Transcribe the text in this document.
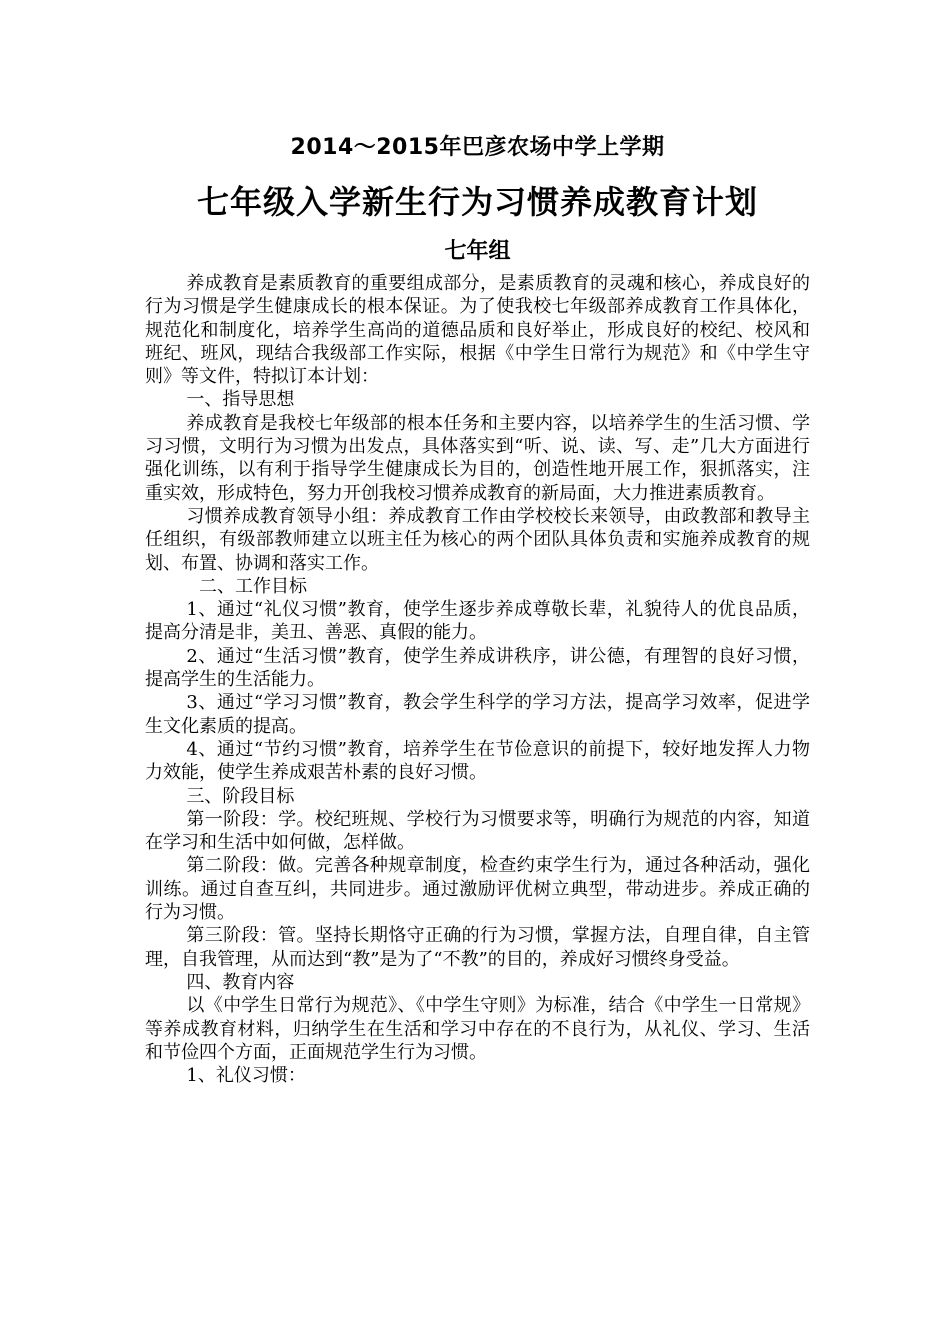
2014～2015年巴彦农场中学上学期
七年级入学新生行为习惯养成教育计划
七年组

养成教育是素质教育的重要组成部分，是素质教育的灵魂和核心，养成良好的行为习惯是学生健康成长的根本保证。为了使我校七年级部养成教育工作具体化，规范化和制度化，培养学生高尚的道德品质和良好举止，形成良好的校纪、校风和班纪、班风，现结合我级部工作实际，根据《中学生日常行为规范》和《中学生守则》等文件，特拟订本计划：

一、指导思想

养成教育是我校七年级部的根本任务和主要内容，以培养学生的生活习惯、学习习惯，文明行为习惯为出发点，具体落实到“听、说、读、写、走”几大方面进行强化训练，以有利于指导学生健康成长为目的，创造性地开展工作，狠抓落实，注重实效，形成特色，努力开创我校习惯养成教育的新局面，大力推进素质教育。

习惯养成教育领导小组：养成教育工作由学校校长来领导，由政教部和教导主任组织，有级部教师建立以班主任为核心的两个团队具体负责和实施养成教育的规划、布置、协调和落实工作。

二、工作目标

1、通过“礼仪习惯”教育，使学生逐步养成尊敬长辈，礼貌待人的优良品质，提高分清是非，美丑、善恶、真假的能力。

2、通过“生活习惯”教育，使学生养成讲秩序，讲公德，有理智的良好习惯，提高学生的生活能力。

3、通过“学习习惯”教育，教会学生科学的学习方法，提高学习效率，促进学生文化素质的提高。

4、通过“节约习惯”教育，培养学生在节俭意识的前提下，较好地发挥人力物力效能，使学生养成艰苦朴素的良好习惯。

三、阶段目标

第一阶段：学。校纪班规、学校行为习惯要求等，明确行为规范的内容，知道在学习和生活中如何做，怎样做。

第二阶段：做。完善各种规章制度，检查约束学生行为，通过各种活动，强化训练。通过自查互纠，共同进步。通过激励评优树立典型，带动进步。养成正确的行为习惯。

第三阶段：管。坚持长期恪守正确的行为习惯，掌握方法，自理自律，自主管理，自我管理，从而达到“教”是为了“不教”的目的，养成好习惯终身受益。

四、教育内容

以《中学生日常行为规范》、《中学生守则》为标准，结合《中学生一日常规》等养成教育材料，归纳学生在生活和学习中存在的不良行为，从礼仪、学习、生活和节俭四个方面，正面规范学生行为习惯。

1、礼仪习惯：
